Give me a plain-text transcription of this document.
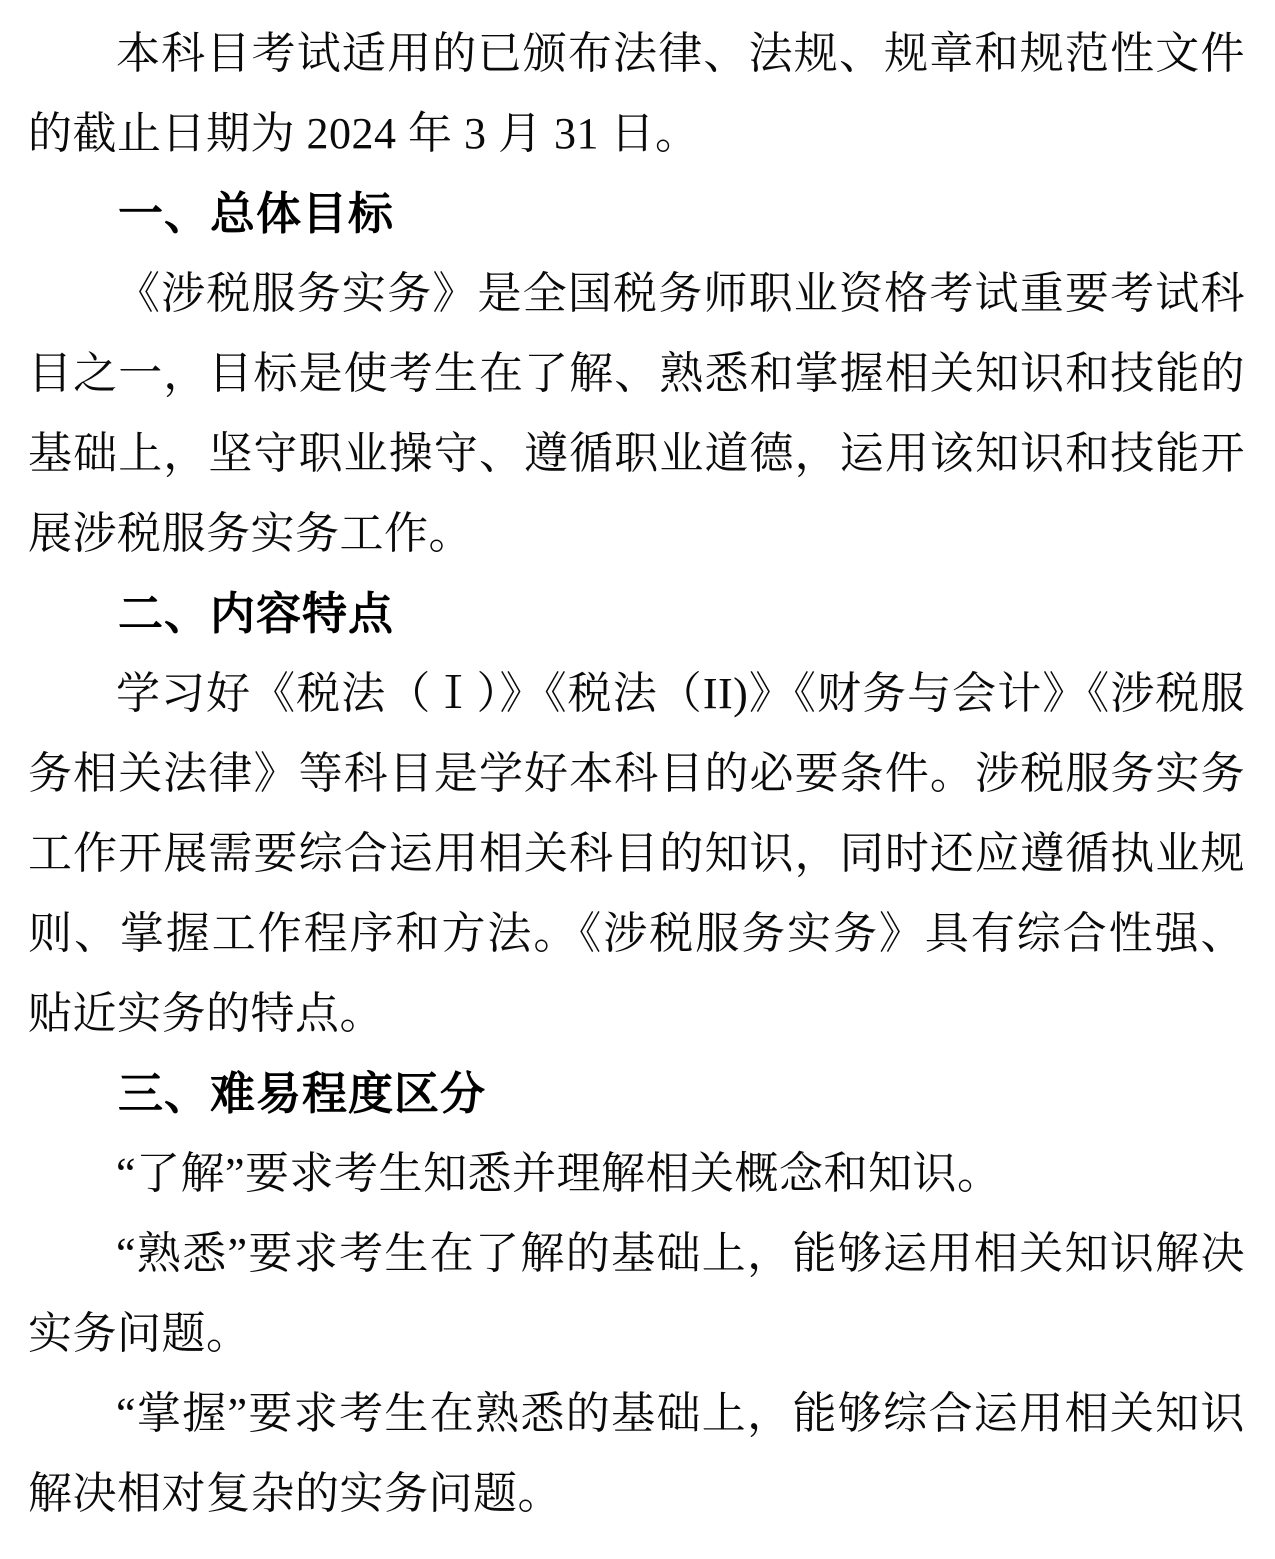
本科目考试适用的已颁布法律、法规、规章和规范性文件的截止日期为 2024 年 3 月 31 日。

一、总体目标

《涉税服务实务》是全国税务师职业资格考试重要考试科目之一，目标是使考生在了解、熟悉和掌握相关知识和技能的基础上，坚守职业操守、遵循职业道德，运用该知识和技能开展涉税服务实务工作。

二、内容特点

学习好《税法（Ⅰ）》《税法（II)》《财务与会计》《涉税服务相关法律》等科目是学好本科目的必要条件。涉税服务实务工作开展需要综合运用相关科目的知识，同时还应遵循执业规则、掌握工作程序和方法。《涉税服务实务》具有综合性强、贴近实务的特点。

三、难易程度区分

“了解”要求考生知悉并理解相关概念和知识。

“熟悉”要求考生在了解的基础上，能够运用相关知识解决实务问题。

“掌握”要求考生在熟悉的基础上，能够综合运用相关知识解决相对复杂的实务问题。
